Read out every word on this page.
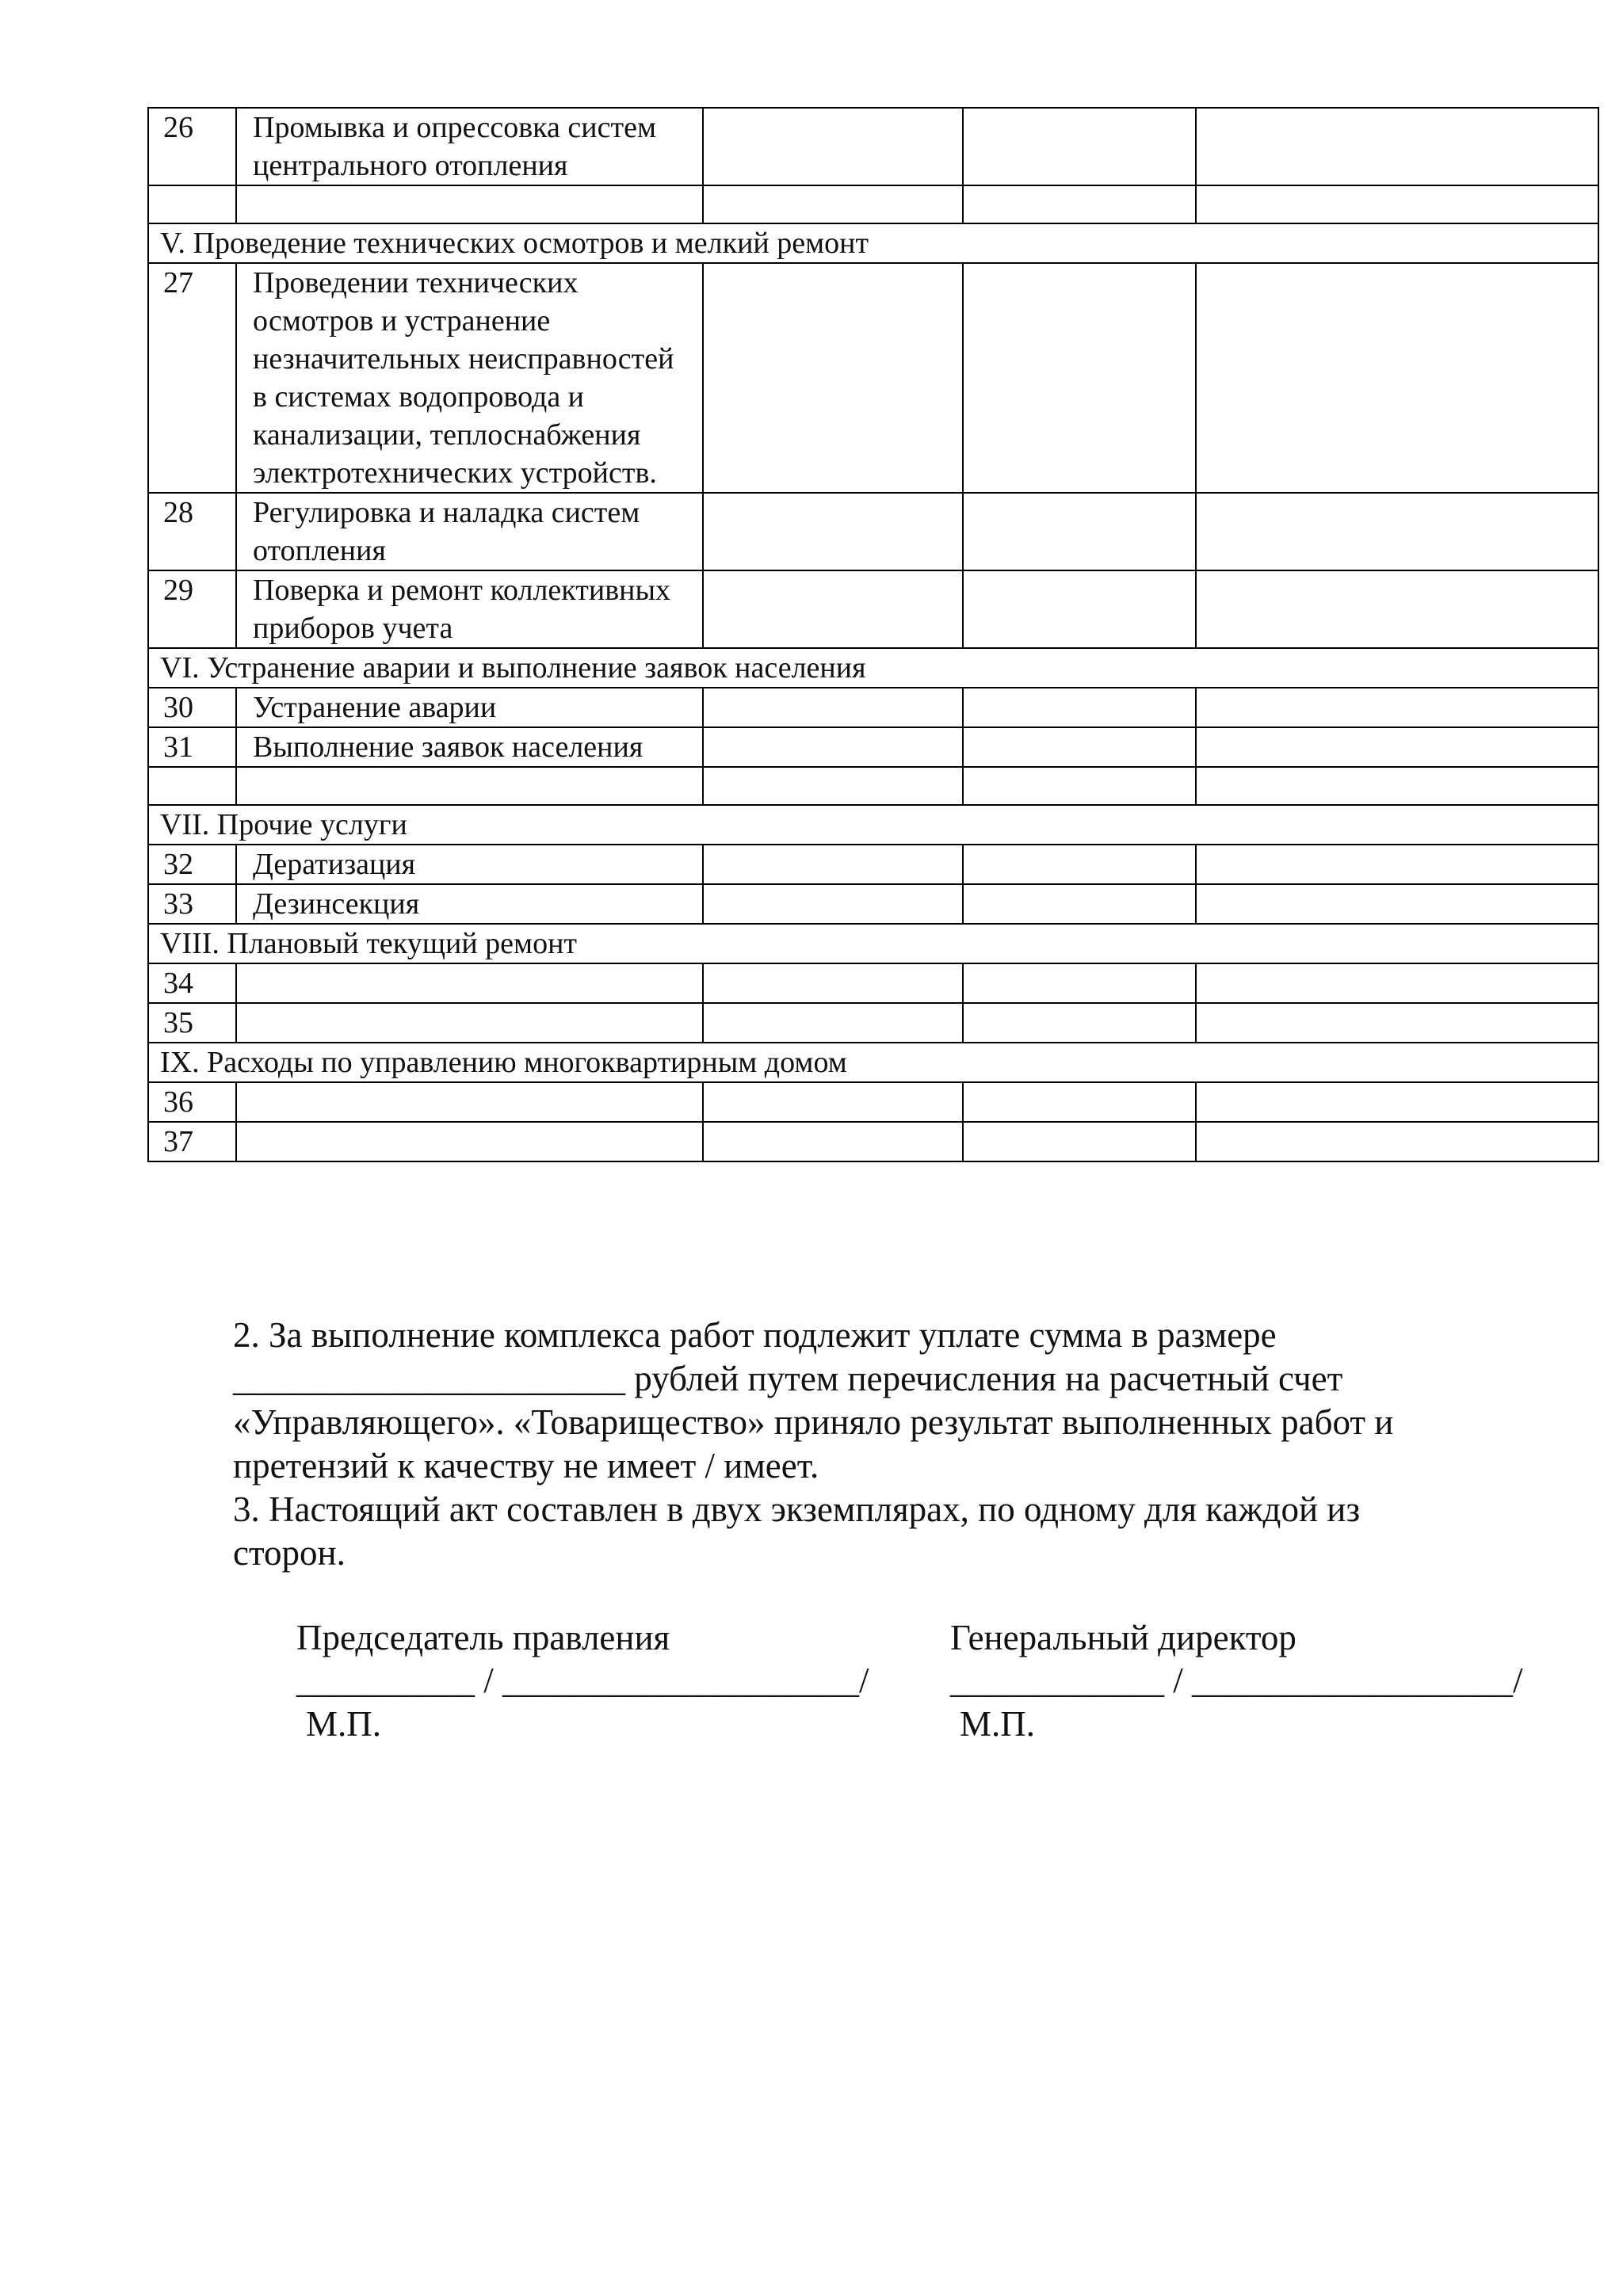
26	Промывка и опрессовка систем центрального отопления			

V. Проведение технических осмотров и мелкий ремонт				
27	Проведении технических осмотров и устранение незначительных неисправностей в системах водопровода и канализации, теплоснабжения электротехнических устройств.			
28	Регулировка и наладка систем отопления			
29	Поверка и ремонт коллективных приборов учета			
VI. Устранение аварии и выполнение заявок населения				
30	Устранение аварии			
31	Выполнение заявок населения			

VII. Прочие услуги				
32	Дератизация			
33	Дезинсекция			
VIII. Плановый текущий ремонт				
34				
35				
IX. Расходы по управлению многоквартирным домом				
36				
37				
2. За выполнение комплекса работ подлежит уплате сумма в размере
______________________ рублей путем перечисления на расчетный счет
«Управляющего». «Товарищество» приняло результат выполненных работ и
претензий к качеству не имеет / имеет.
3. Настоящий акт составлен в двух экземплярах, по одному для каждой из
сторон.
Председатель правления
__________ / ____________________/
М.П.
Генеральный директор
____________ / __________________/
М.П.
